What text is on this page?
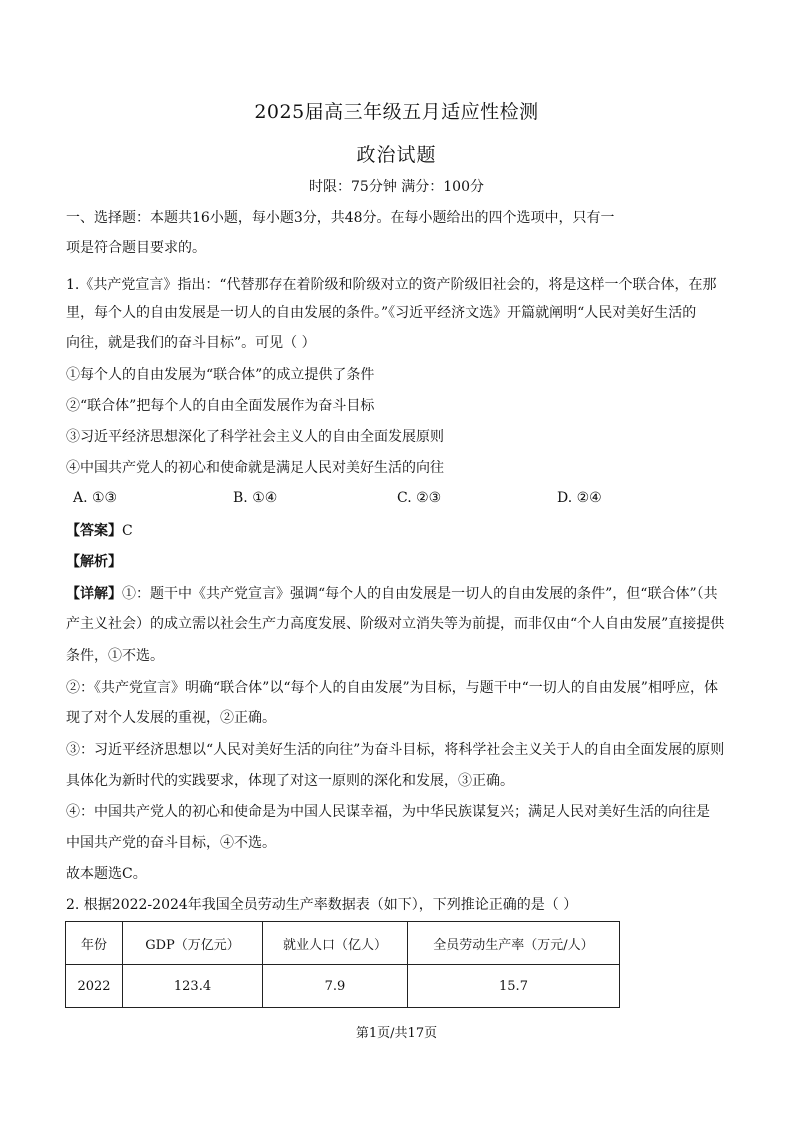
2025届高三年级五月适应性检测
政治试题
时限：75分钟 满分：100分
一、选择题：本题共16小题，每小题3分，共48分。在每小题给出的四个选项中，只有一
项是符合题目要求的。
1.《共产党宣言》指出：“代替那存在着阶级和阶级对立的资产阶级旧社会的，将是这样一个联合体，在那
里，每个人的自由发展是一切人的自由发展的条件。”《习近平经济文选》开篇就阐明“人民对美好生活的
向往，就是我们的奋斗目标”。可见（ ）
①每个人的自由发展为“联合体”的成立提供了条件
②“联合体”把每个人的自由全面发展作为奋斗目标
③习近平经济思想深化了科学社会主义人的自由全面发展原则
④中国共产党人的初心和使命就是满足人民对美好生活的向往
A. ①③	B. ①④	C. ②③	D. ②④
【答案】C
【解析】
【详解】①：题干中《共产党宣言》强调“每个人的自由发展是一切人的自由发展的条件”，但“联合体”（共
产主义社会）的成立需以社会生产力高度发展、阶级对立消失等为前提，而非仅由“个人自由发展”直接提供
条件，①不选。
②：《共产党宣言》明确“联合体”以“每个人的自由发展”为目标，与题干中“一切人的自由发展”相呼应，体
现了对个人发展的重视，②正确。
③：习近平经济思想以“人民对美好生活的向往”为奋斗目标，将科学社会主义关于人的自由全面发展的原则
具体化为新时代的实践要求，体现了对这一原则的深化和发展，③正确。
④：中国共产党人的初心和使命是为中国人民谋幸福，为中华民族谋复兴；满足人民对美好生活的向往是
中国共产党的奋斗目标，④不选。
故本题选C。
2. 根据2022-2024年我国全员劳动生产率数据表（如下），下列推论正确的是（ ）
年份	GDP（万亿元）	就业人口（亿人）	全员劳动生产率（万元/人）
2022	123.4	7.9	15.7
第1页/共17页
